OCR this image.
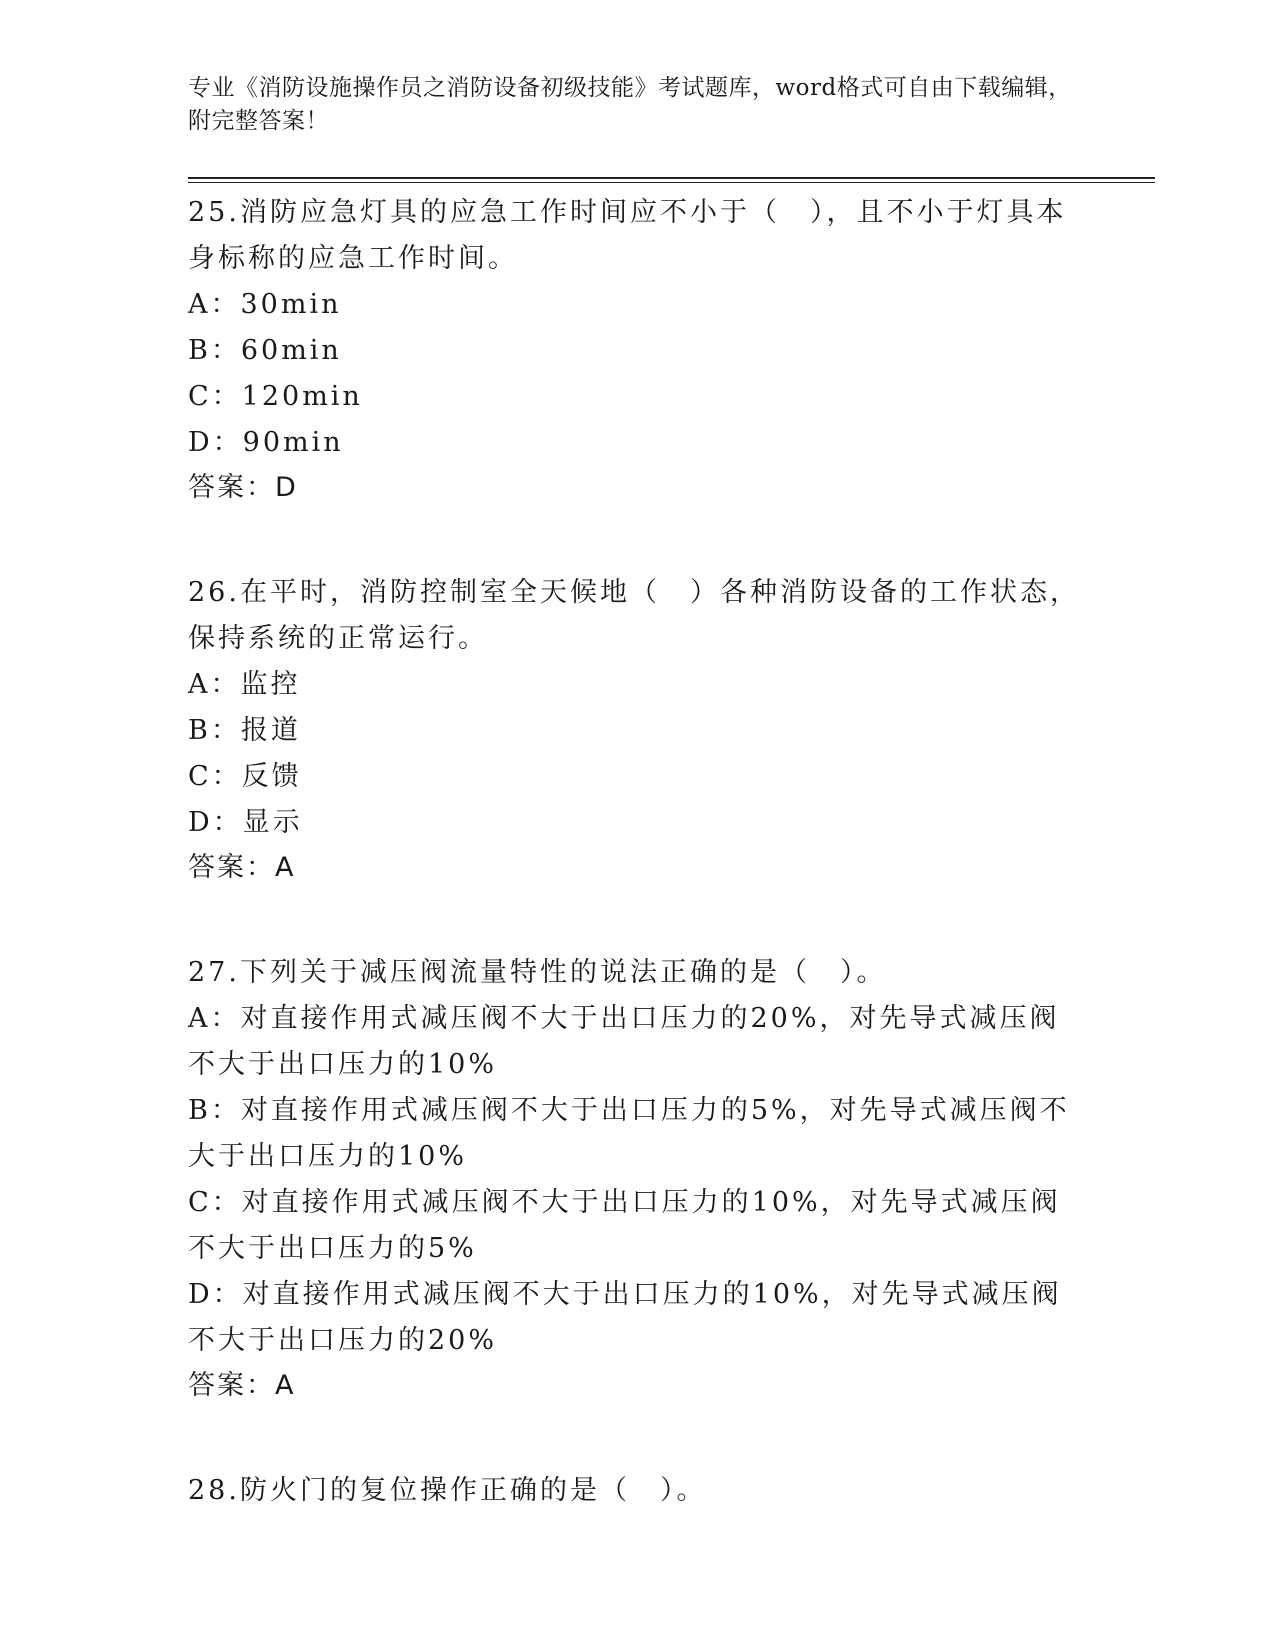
专业《消防设施操作员之消防设备初级技能》考试题库，word格式可自由下载编辑，附完整答案！

25.消防应急灯具的应急工作时间应不小于（　），且不小于灯具本身标称的应急工作时间。

A：30min

B：60min

C：120min

D：90min

答案：D

26.在平时，消防控制室全天候地（　）各种消防设备的工作状态，保持系统的正常运行。

A：监控

B：报道

C：反馈

D：显示

答案：A

27.下列关于减压阀流量特性的说法正确的是（　）。

A：对直接作用式减压阀不大于出口压力的20%，对先导式减压阀不大于出口压力的10%

B：对直接作用式减压阀不大于出口压力的5%，对先导式减压阀不大于出口压力的10%

C：对直接作用式减压阀不大于出口压力的10%，对先导式减压阀不大于出口压力的5%

D：对直接作用式减压阀不大于出口压力的10%，对先导式减压阀不大于出口压力的20%

答案：A

28.防火门的复位操作正确的是（　）。
